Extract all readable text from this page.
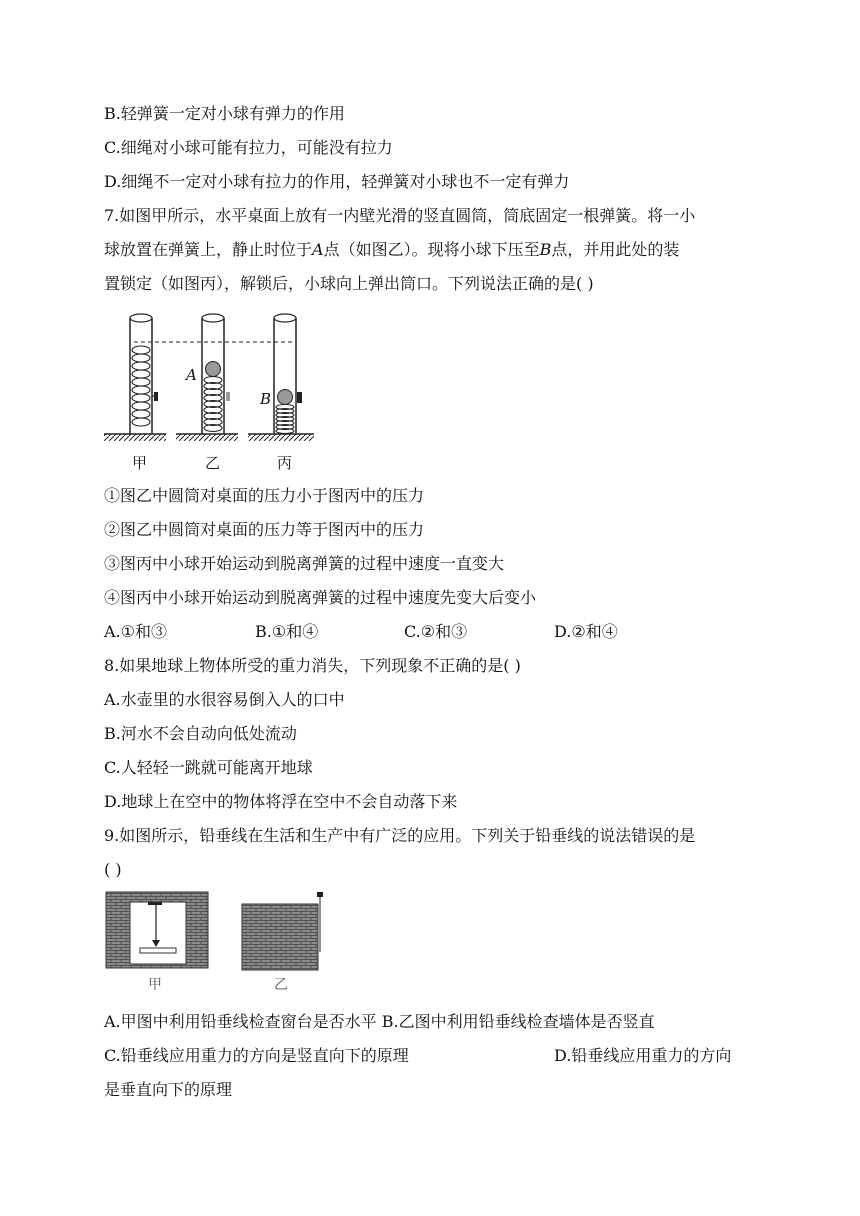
B.轻弹簧一定对小球有弹力的作用
C.细绳对小球可能有拉力，可能没有拉力
D.细绳不一定对小球有拉力的作用，轻弹簧对小球也不一定有弹力
7.如图甲所示，水平桌面上放有一内壁光滑的竖直圆筒，筒底固定一根弹簧。将一小
球放置在弹簧上，静止时位于A点（如图乙）。现将小球下压至B点，并用此处的装
置锁定（如图丙），解锁后，小球向上弹出筒口。下列说法正确的是( )
A
B
甲	乙	丙
①图乙中圆筒对桌面的压力小于图丙中的压力
②图乙中圆筒对桌面的压力等于图丙中的压力
③图丙中小球开始运动到脱离弹簧的过程中速度一直变大
④图丙中小球开始运动到脱离弹簧的过程中速度先变大后变小
A.①和③	B.①和④	C.②和③	D.②和④
8.如果地球上物体所受的重力消失，下列现象不正确的是( )
A.水壶里的水很容易倒入人的口中
B.河水不会自动向低处流动
C.人轻轻一跳就可能离开地球
D.地球上在空中的物体将浮在空中不会自动落下来
9.如图所示，铅垂线在生活和生产中有广泛的应用。下列关于铅垂线的说法错误的是
( )
甲	乙
A.甲图中利用铅垂线检查窗台是否水平 B.乙图中利用铅垂线检查墙体是否竖直
C.铅垂线应用重力的方向是竖直向下的原理	D.铅垂线应用重力的方向
是垂直向下的原理
